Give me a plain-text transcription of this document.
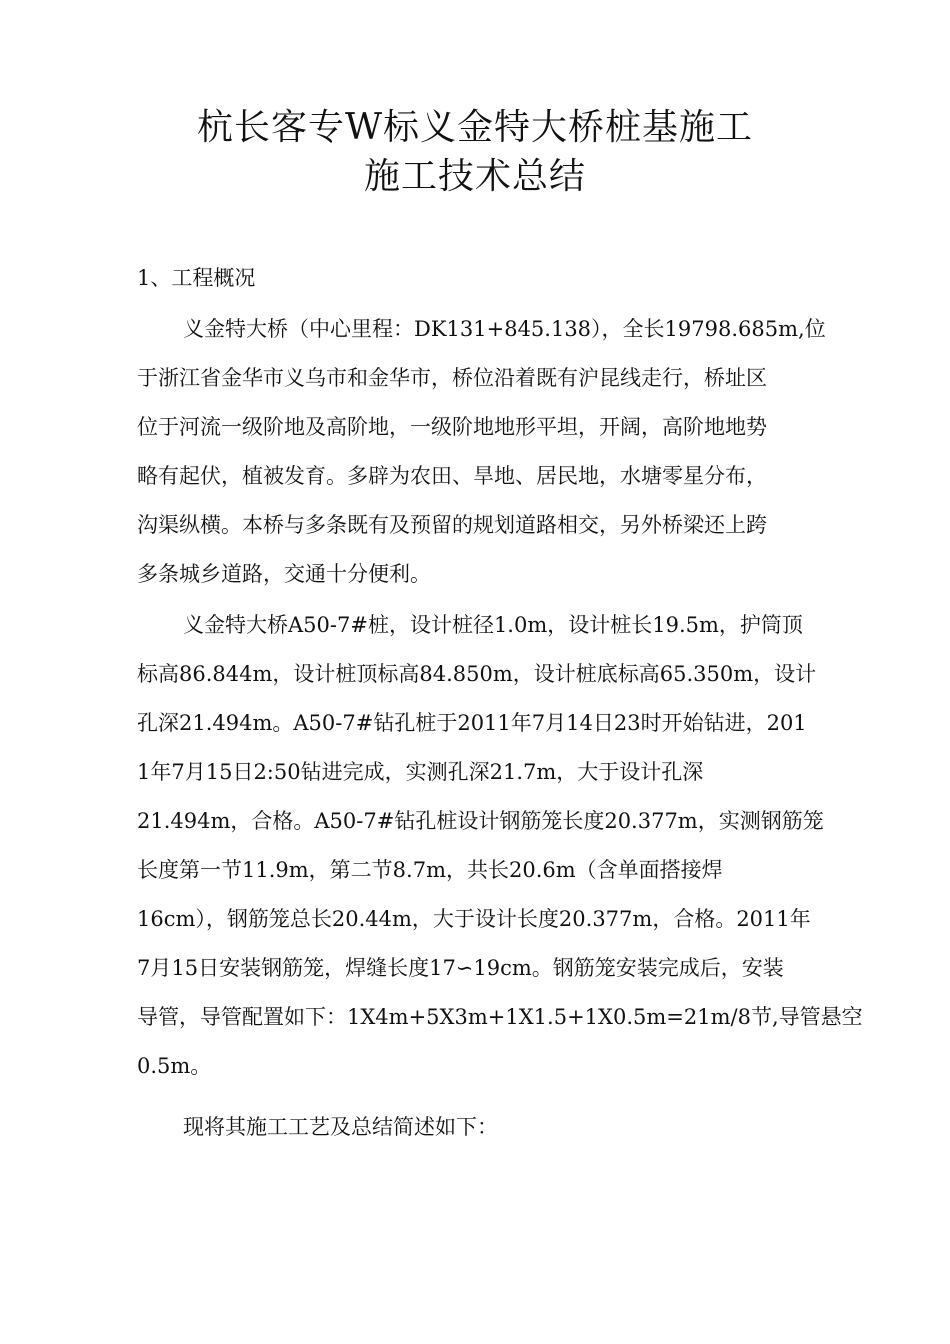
杭长客专W标义金特大桥桩基施工
施工技术总结
1、工程概况
义金特大桥（中心里程：DK131+845.138），全长19798.685m,位
于浙江省金华市义乌市和金华市，桥位沿着既有沪昆线走行，桥址区
位于河流一级阶地及高阶地，一级阶地地形平坦，开阔，高阶地地势
略有起伏，植被发育。多辟为农田、旱地、居民地，水塘零星分布，
沟渠纵横。本桥与多条既有及预留的规划道路相交，另外桥梁还上跨
多条城乡道路，交通十分便利。
义金特大桥A50-7#桩，设计桩径1.0m，设计桩长19.5m，护筒顶
标高86.844m，设计桩顶标高84.850m，设计桩底标高65.350m，设计
孔深21.494m。A50-7#钻孔桩于2011年7月14日23时开始钻进，201
1年7月15日2:50钻进完成，实测孔深21.7m，大于设计孔深
21.494m，合格。A50-7#钻孔桩设计钢筋笼长度20.377m，实测钢筋笼
长度第一节11.9m，第二节8.7m，共长20.6m（含单面搭接焊
16cm），钢筋笼总长20.44m，大于设计长度20.377m，合格。2011年
7月15日安装钢筋笼，焊缝长度17∽19cm。钢筋笼安装完成后，安装
导管，导管配置如下：1X4m+5X3m+1X1.5+1X0.5m=21m/8节,导管悬空
0.5m。
现将其施工工艺及总结简述如下：
